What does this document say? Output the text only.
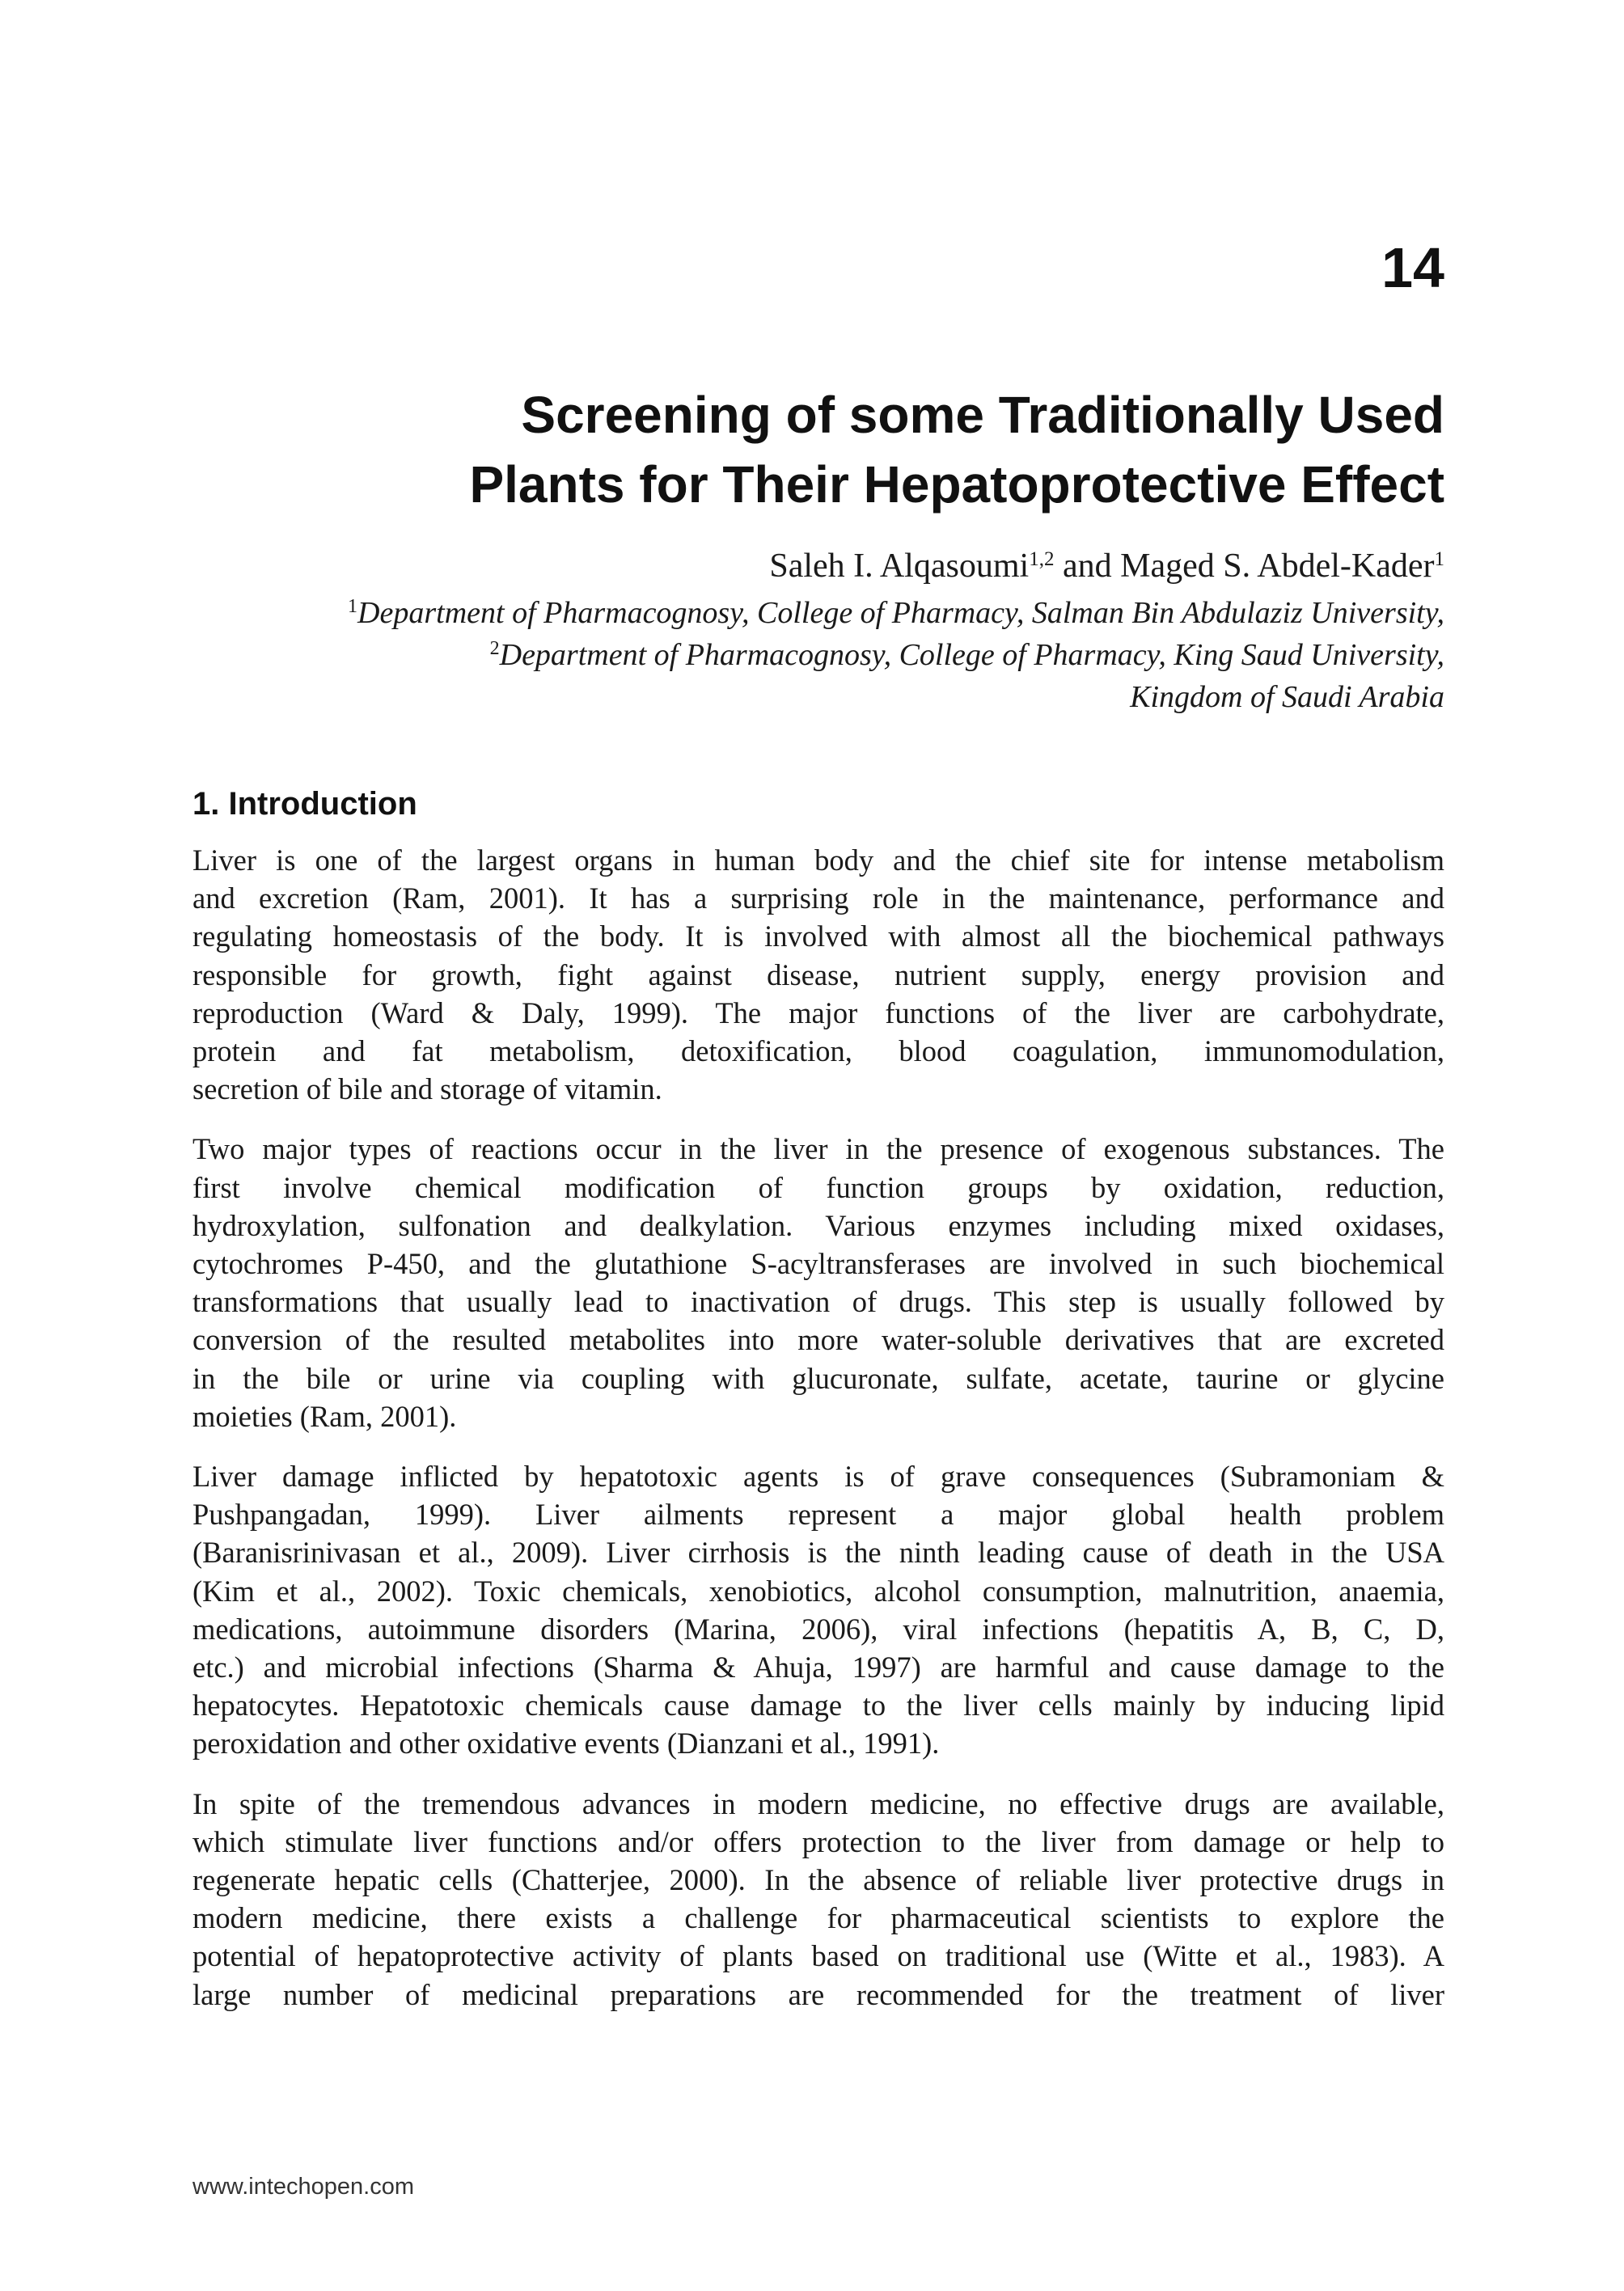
14
Screening of some Traditionally Used
Plants for Their Hepatoprotective Effect
Saleh I. Alqasoumi$^{1,2}$ and Maged S. Abdel-Kader$^1$
$^1$Department of Pharmacognosy, College of Pharmacy, Salman Bin Abdulaziz University,
$^2$Department of Pharmacognosy, College of Pharmacy, King Saud University,
Kingdom of Saudi Arabia
1. Introduction

Liver is one of the largest organs in human body and the chief site for intense metabolism
and excretion (Ram, 2001). It has a surprising role in the maintenance, performance and
regulating homeostasis of the body. It is involved with almost all the biochemical pathways
responsible for growth, fight against disease, nutrient supply, energy provision and
reproduction (Ward & Daly, 1999). The major functions of the liver are carbohydrate,
protein and fat metabolism, detoxification, blood coagulation, immunomodulation,
secretion of bile and storage of vitamin.

Two major types of reactions occur in the liver in the presence of exogenous substances. The
first involve chemical modification of function groups by oxidation, reduction,
hydroxylation, sulfonation and dealkylation. Various enzymes including mixed oxidases,
cytochromes P-450, and the glutathione S-acyltransferases are involved in such biochemical
transformations that usually lead to inactivation of drugs. This step is usually followed by
conversion of the resulted metabolites into more water-soluble derivatives that are excreted
in the bile or urine via coupling with glucuronate, sulfate, acetate, taurine or glycine
moieties (Ram, 2001).

Liver damage inflicted by hepatotoxic agents is of grave consequences (Subramoniam &
Pushpangadan, 1999). Liver ailments represent a major global health problem
(Baranisrinivasan et al., 2009). Liver cirrhosis is the ninth leading cause of death in the USA
(Kim et al., 2002). Toxic chemicals, xenobiotics, alcohol consumption, malnutrition, anaemia,
medications, autoimmune disorders (Marina, 2006), viral infections (hepatitis A, B, C, D,
etc.) and microbial infections (Sharma & Ahuja, 1997) are harmful and cause damage to the
hepatocytes. Hepatotoxic chemicals cause damage to the liver cells mainly by inducing lipid
peroxidation and other oxidative events (Dianzani et al., 1991).

In spite of the tremendous advances in modern medicine, no effective drugs are available,
which stimulate liver functions and/or offers protection to the liver from damage or help to
regenerate hepatic cells (Chatterjee, 2000). In the absence of reliable liver protective drugs in
modern medicine, there exists a challenge for pharmaceutical scientists to explore the
potential of hepatoprotective activity of plants based on traditional use (Witte et al., 1983). A
large number of medicinal preparations are recommended for the treatment of liver

www.intechopen.com
